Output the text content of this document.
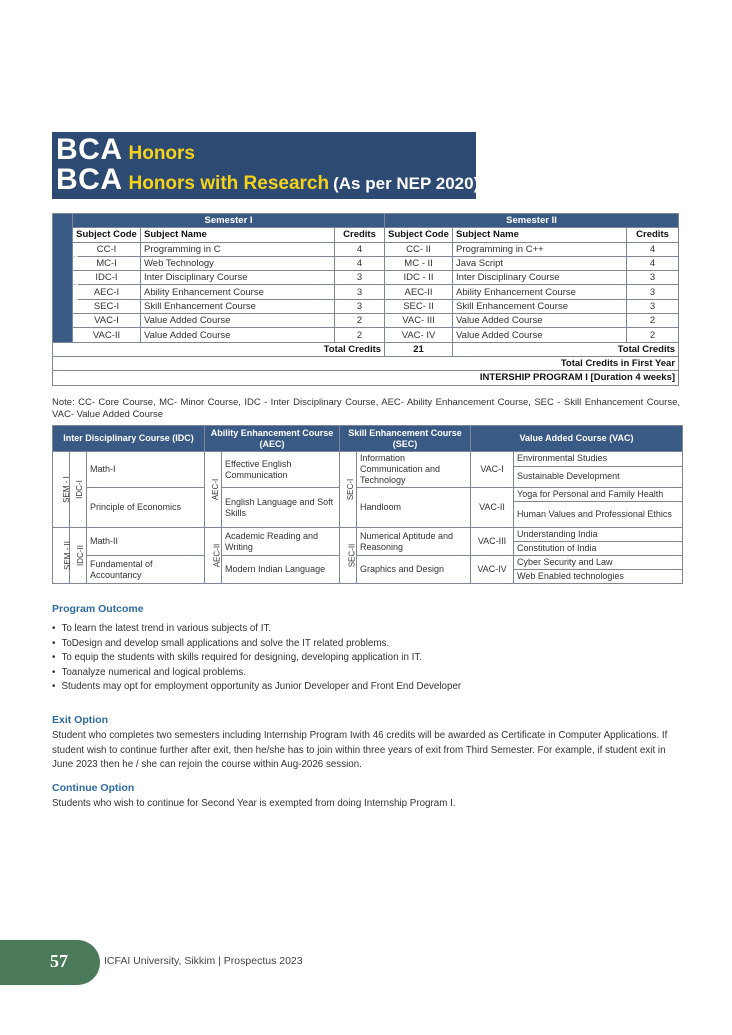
BCA Honors
BCA Honors with Research (As per NEP 2020)
FIRST YEAR	Semester I			Semester II			
	Subject Code	Subject Name	Credits	Subject Code	Subject Name	Credits	
	CC-I	Programming in C	4	CC- II	Programming in C++	4	
	MC-I	Web Technology	4	MC - II	Java Script	4	
	IDC-I	Inter Disciplinary Course	3	IDC - II	Inter Disciplinary Course	3	
	AEC-I	Ability Enhancement Course	3	AEC-II	Ability Enhancement Course	3	
	SEC-I	Skill Enhancement Course	3	SEC- II	Skill Enhancement Course	3	
	VAC-I	Value Added Course	2	VAC- III	Value Added Course	2	
	VAC-II	Value Added Course	2	VAC- IV	Value Added Course	2	
Total Credits				21	Total Credits	
Total Credits in First Year	
INTERSHIP PROGRAM I [Duration 4 weeks]	

Note: CC- Core Course, MC- Minor Course, IDC - Inter Disciplinary Course, AEC- Ability Enhancement Course, SEC - Skill Enhancement Course, VAC- Value Added Course

Inter Disciplinary Course (IDC)			Ability Enhancement Course (AEC)		Skill Enhancement Course (SEC)		Value Added Course (VAC)	
SEM - I	IDC-I	Math-I	AEC-I	Effective English Communication	SEC-I	Information Communication and Technology	VAC-I	Environmental Studies
								Sustainable Development
		Principle of Economics		English Language and Soft Skills		Handloom	VAC-II	Yoga for Personal and Family Health
								Human Values and Professional Ethics

SEM - II	IDC-II	Math-II	AEC-II	Academic Reading and Writing	SEC-II	Numerical Aptitude and Reasoning	VAC-III	Understanding India
								Constitution of India
		Fundamental of Accountancy		Modern Indian Language		Graphics and Design	VAC-IV	Cyber Security and Law
								Web Enabled technologies
Program Outcome
• To learn the latest trend in various subjects of IT.
• ToDesign and develop small applications and solve the IT related problems.
• To equip the students with skills required for designing, developing application in IT.
• Toanalyze numerical and logical problems.
• Students may opt for employment opportunity as Junior Developer and Front End Developer
Exit Option

Student who completes two semesters including Internship Program Iwith 46 credits will be awarded as Certificate in Computer Applications. If student wish to continue further after exit, then he/she has to join within three years of exit from Third Semester. For example, if student exit in June 2023 then he / she can rejoin the course within Aug-2026 session.

Continue Option

Students who wish to continue for Second Year is exempted from doing Internship Program I.

57	ICFAI University, Sikkim | Prospectus 2023
